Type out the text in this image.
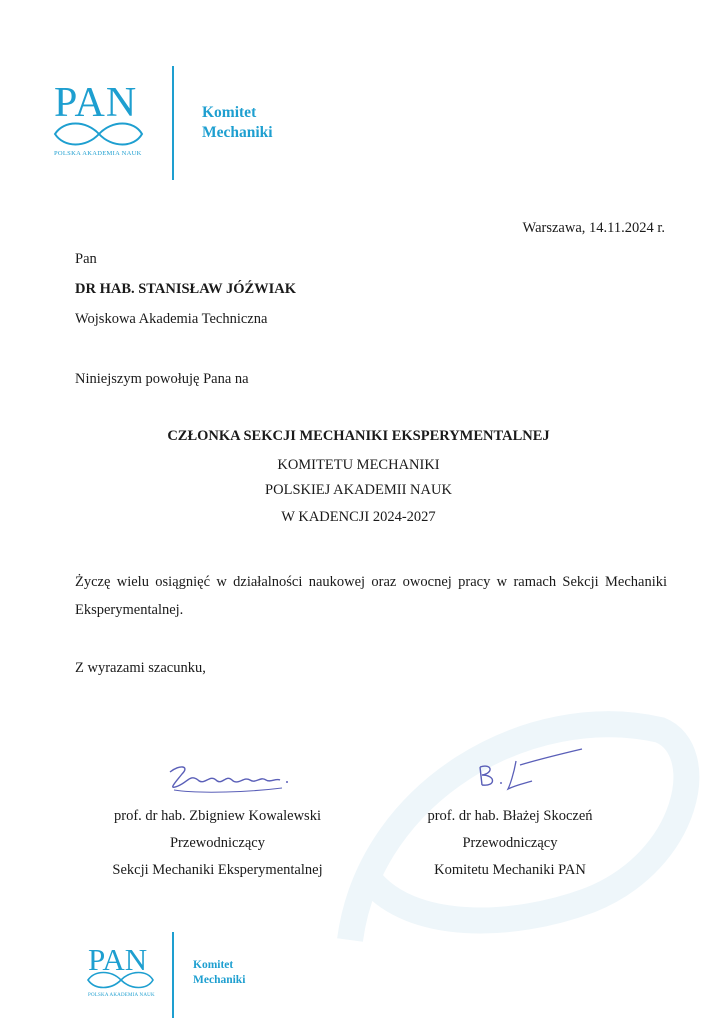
PAN
POLSKA AKADEMIA NAUK
Komitet
Mechaniki
Warszawa, 14.11.2024 r.
Pan
DR HAB. STANISŁAW JÓŹWIAK
Wojskowa Akademia Techniczna
Niniejszym powołuję Pana na
CZŁONKA SEKCJI MECHANIKI EKSPERYMENTALNEJ
KOMITETU MECHANIKI
POLSKIEJ AKADEMII NAUK
W KADENCJI 2024-2027
Życzę wielu osiągnięć w działalności naukowej oraz owocnej pracy w ramach Sekcji Mechaniki
Eksperymentalnej.
Z wyrazami szacunku,
prof. dr hab. Zbigniew Kowalewski
Przewodniczący
Sekcji Mechaniki Eksperymentalnej
prof. dr hab. Błażej Skoczeń
Przewodniczący
Komitetu Mechaniki PAN
PAN
POLSKA AKADEMIA NAUK
Komitet
Mechaniki
